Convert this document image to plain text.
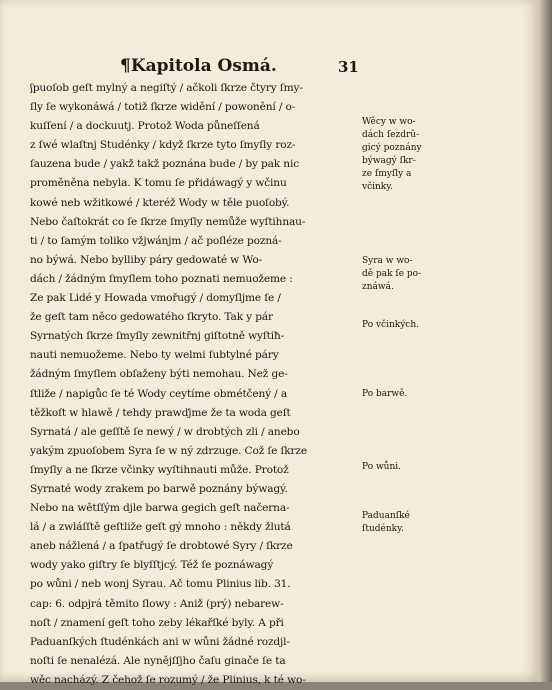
¶Kapitola Osmá.	31
ʃpuoſob geſt mylný a negiſtý / ačkoli ſkrze čtyry ſmy-
ſly ſe wykonáwá / totiž ſkrze widění / powonění / o-
kuſſení / a dockuutj. Protož Woda půneſſená
z ſwé wlaſtnj Studénky / když ſkrze tyto ſmyſly roz-
ſauzena bude / yakž takž poznána bude / by pak nic
proměněna nebyla. K tomu ſe přidáwagý y wčinu
kowé neb wžitkowé / kteréž Wody w těle puoſobý.
Nebo čaſtokrát co ſe ſkrze ſmyſly nemůže wyſtihnau-
ti / to ſamým toliko vžjwánjm / ač poſléze pozná-
no býwá. Nebo bylliby páry gedowaté w Wo-
dách / žádným ſmyſlem toho poznati nemuožeme :
Ze pak Lidé y Howada vmořugý / domyſljme ſe /
že geſt tam něco gedowatého ſkryto. Tak y pár
Syrnatých ſkrze ſmyſly zewnitřnj giſtotně wyſtiħ-
nauti nemuožeme. Nebo ty welmi ſubtylné páry
žádným ſmyſlem obſaženy býti nemohau. Než ge-
ſtliže / napigůc ſe té Wody ceytíme obmétčený / a
těžkoſt w hlawě / tehdy prawďjme že ta woda geſt
Syrnatá / ale geſſtě ſe newý / w drobtých zli / anebo
yakým zpuoſobem Syra ſe w ný zdrzuge. Což ſe ſkrze
ſmyſly a ne ſkrze včinky wyſtihnauti může. Protož
Syrnaté wody zrakem po barwě poznány býwagý.
Nebo na wětſſým djle barwa gegich geſt načerna-
lá / a zwláſſtě geſtliže geſt gý mnoho : někdy žlutá
aneb nážlená / a ſpatřugý ſe drobtowé Syry / ſkrze
wody yako giſtry ſe blyſſtjcý. Též ſe poznáwagý
po wůni / neb wonj Syrau. Ač tomu Plinius lib. 31.
cap: 6. odpjrá těmito ſlowy : Aniž (prý) nebarew-
noſt / znamení geſt toho zeby lékařſké byly. A při
Paduanſkých ſtudénkách ani w wůni žádné rozdjl-
noſti ſe nenalézá. Ale nynějſſjho čaſu ginače ſe ta
wěc nacházý. Z čehož ſe rozumý / že Plinius, k té wo-
Wěcy w wo-
dách ſezdrǔ-
gicý poznány
býwagý ſkr-
ze ſmyſly a
včinky.
Syra w wo-
dě pak ſe po-
znáwá.
Po včinkých.
Po barwě.
Po wůni.
Paduanſké
ſtudénky.
